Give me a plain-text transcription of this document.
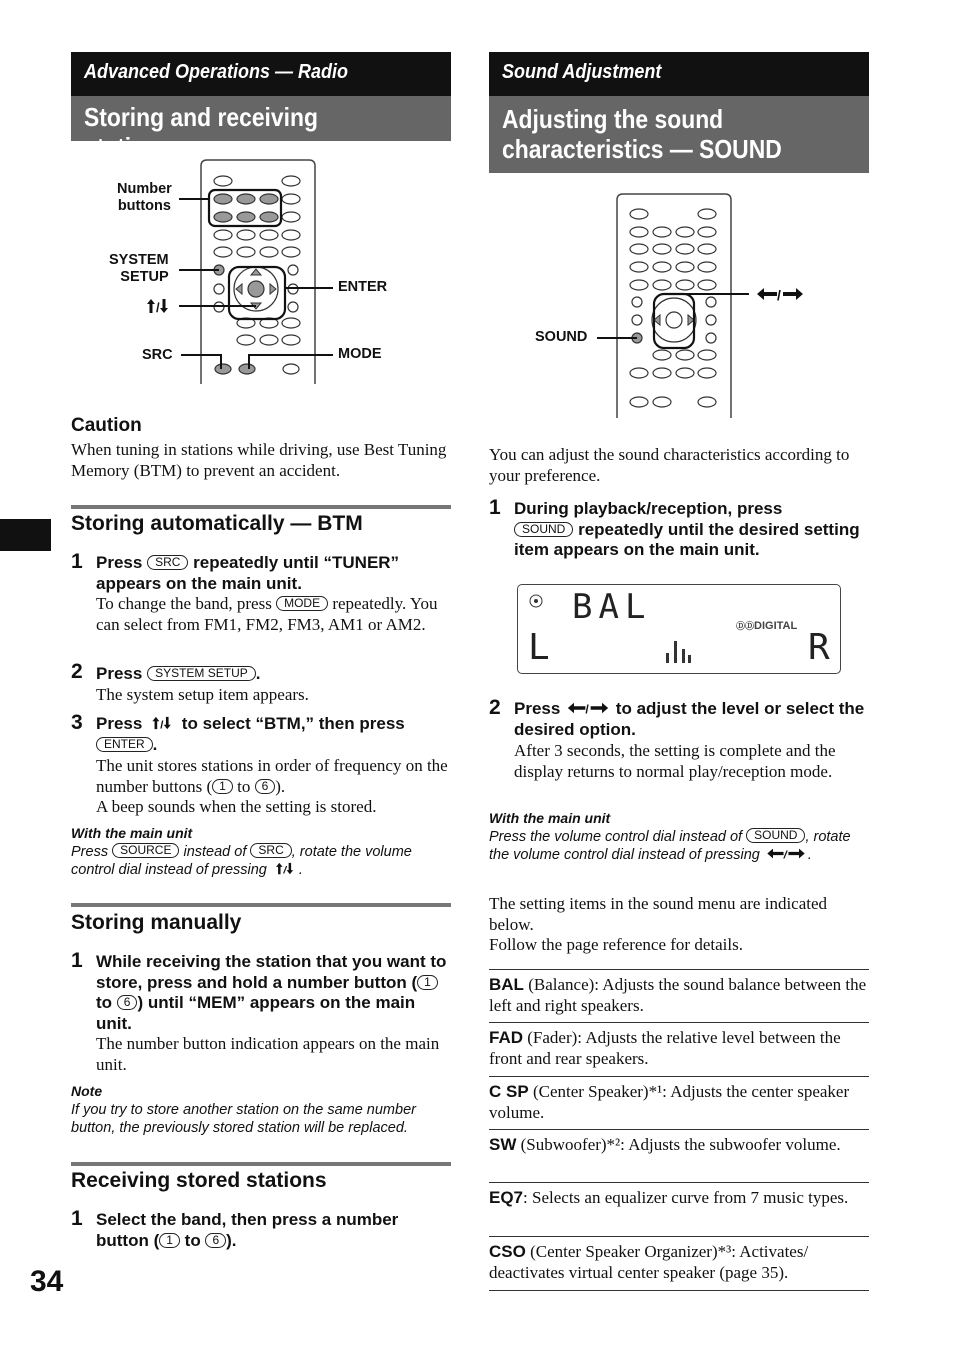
34
Advanced Operations — Radio
Storing and receiving stations
Number
buttons
SYSTEM
SETUP
SRC
ENTER
MODE
Caution
When tuning in stations while driving, use Best Tuning Memory (BTM) to prevent an accident.
Storing automatically — BTM
1 Press SRC repeatedly until “TUNER” appears on the main unit.
To change the band, press MODE repeatedly. You can select from FM1, FM2, FM3, AM1 or AM2.
2 Press SYSTEM SETUP .
The system setup item appears.
3 Press to select “BTM,” then press
ENTER .
The unit stores stations in order of frequency on the number buttons ( 1 to 6 ).
A beep sounds when the setting is stored.
With the main unit
Press SOURCE instead of SRC , rotate the volume control dial instead of pressing .
Storing manually
1 While receiving the station that you want to store, press and hold a number button ( 1 to 6 ) until “MEM” appears on the main unit.
The number button indication appears on the main unit.
Note
If you try to store another station on the same number button, the previously stored station will be replaced.
Receiving stored stations
1 Select the band, then press a number button ( 1 to 6 ).
Sound Adjustment
Adjusting the sound
characteristics — SOUND
SOUND
You can adjust the sound characteristics according to your preference.
1 During playback/reception, press
SOUND repeatedly until the desired setting item appears on the main unit.
BAL	ⒹⒹDIGITAL
L	R
2 Press	to adjust the level or select the desired option.
After 3 seconds, the setting is complete and the display returns to normal play/reception mode.
With the main unit
Press the volume control dial instead of SOUND , rotate the volume control dial instead of pressing	.
The setting items in the sound menu are indicated below.
Follow the page reference for details.
BAL (Balance): Adjusts the sound balance between the left and right speakers.
FAD (Fader): Adjusts the relative level between the front and rear speakers.
C SP (Center Speaker)*¹: Adjusts the center speaker volume.
SW (Subwoofer)*²: Adjusts the subwoofer volume.
EQ7: Selects an equalizer curve from 7 music types.
CSO (Center Speaker Organizer)*³: Activates/ deactivates virtual center speaker (page 35).
